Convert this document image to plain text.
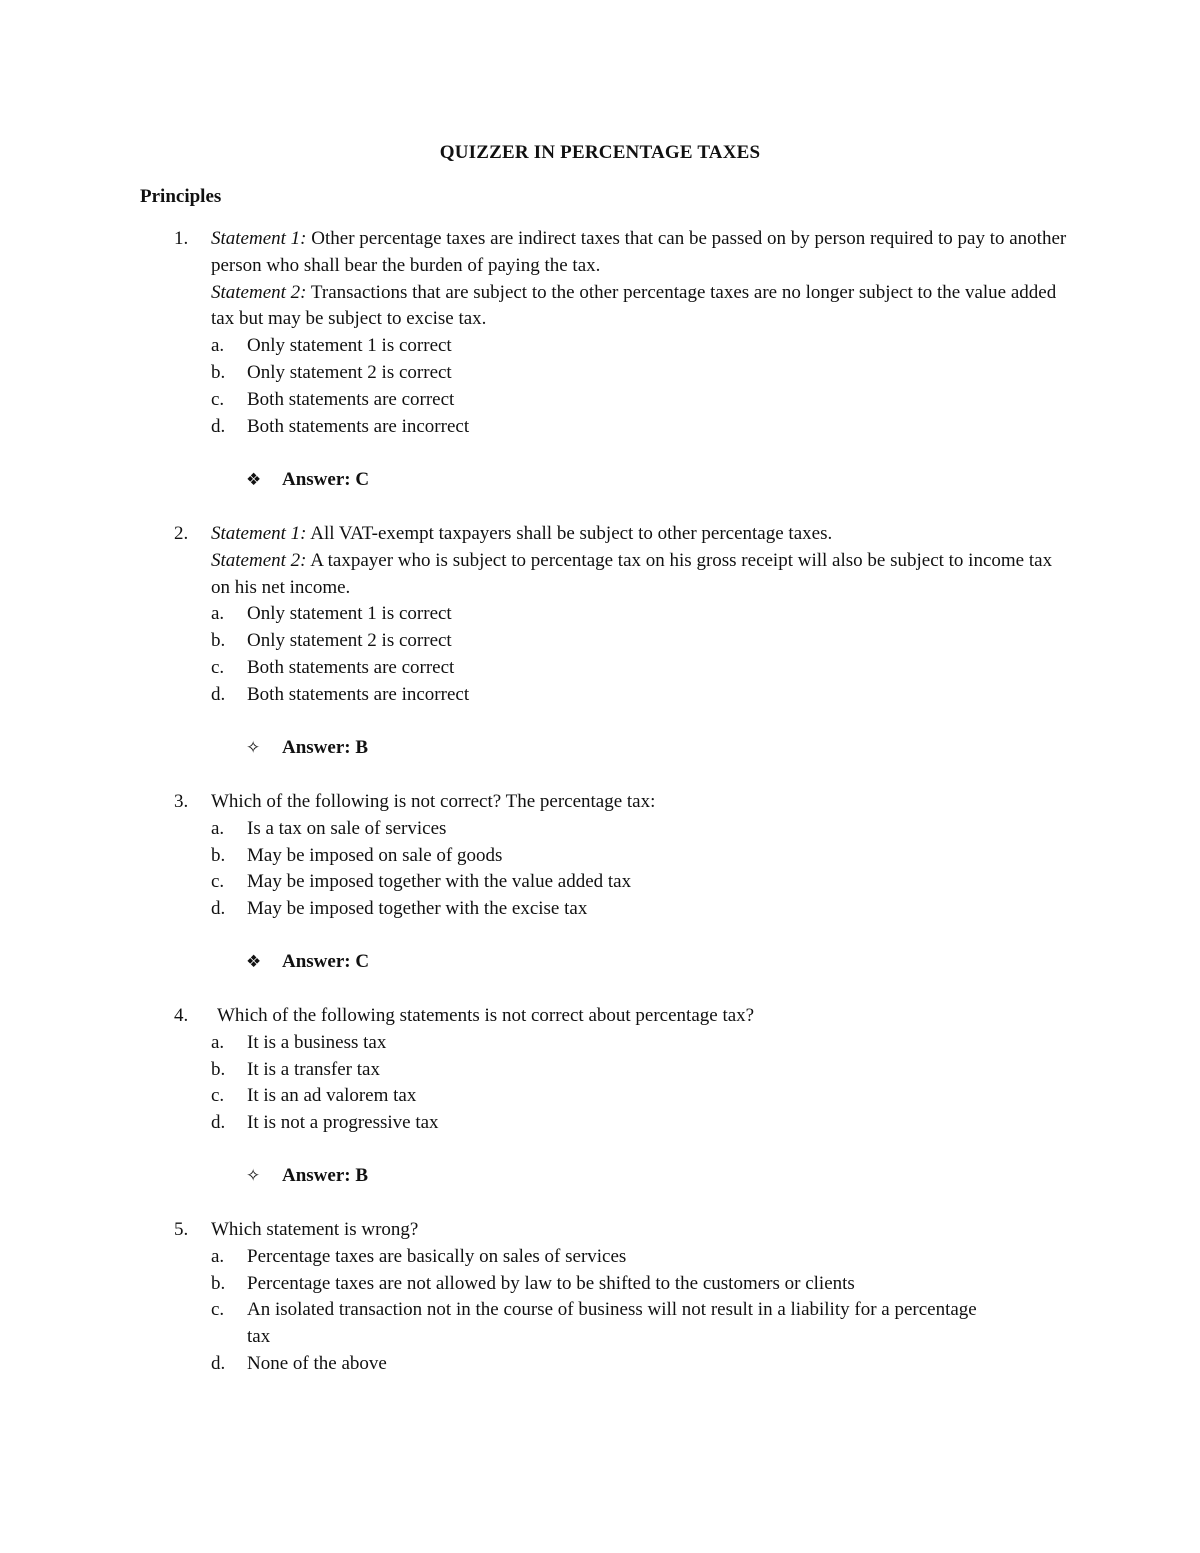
QUIZZER IN PERCENTAGE TAXES
Principles
1. Statement 1: Other percentage taxes are indirect taxes that can be passed on by person required to pay to another person who shall bear the burden of paying the tax.

Statement 2: Transactions that are subject to the other percentage taxes are no longer subject to the value added tax but may be subject to excise tax.

a. Only statement 1 is correct
b. Only statement 2 is correct
c. Both statements are correct
d. Both statements are incorrect
❖ Answer: C
2. Statement 1: All VAT-exempt taxpayers shall be subject to other percentage taxes.

Statement 2: A taxpayer who is subject to percentage tax on his gross receipt will also be subject to income tax on his net income.

a. Only statement 1 is correct
b. Only statement 2 is correct
c. Both statements are correct
d. Both statements are incorrect
✧ Answer: B
3. Which of the following is not correct? The percentage tax:

a. Is a tax on sale of services
b. May be imposed on sale of goods
c. May be imposed together with the value added tax
d. May be imposed together with the excise tax
❖ Answer: C
4.	Which of the following statements is not correct about percentage tax?

a. It is a business tax
b. It is a transfer tax
c. It is an ad valorem tax
d. It is not a progressive tax
✧ Answer: B
5. Which statement is wrong?

a. Percentage taxes are basically on sales of services
b. Percentage taxes are not allowed by law to be shifted to the customers or clients
c. An isolated transaction not in the course of business will not result in a liability for a percentage tax
d. None of the above
